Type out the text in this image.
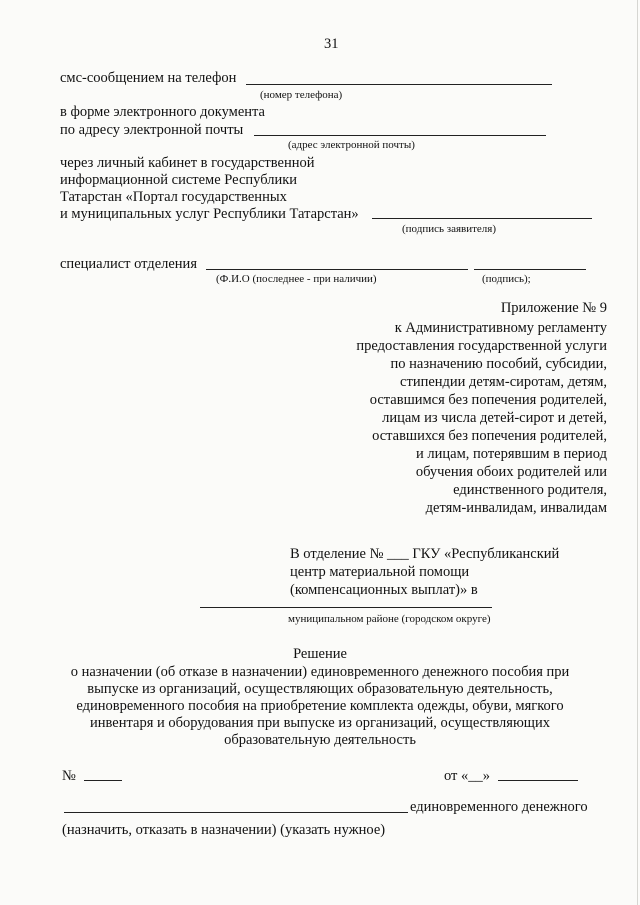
31
смс-сообщением на телефон
(номер телефона)
в форме электронного документа
по адресу электронной почты
(адрес электронной почты)
через личный кабинет в государственной
информационной системе Республики
Татарстан «Портал государственных
и муниципальных услуг Республики Татарстан»
(подпись заявителя)
специалист отделения
(Ф.И.О (последнее - при наличии)	(подпись);
Приложение № 9
к Административному регламенту
предоставления государственной услуги
по назначению пособий, субсидии,
стипендии детям-сиротам, детям,
оставшимся без попечения родителей,
лицам из числа детей-сирот и детей,
оставшихся без попечения родителей,
и лицам, потерявшим в период
обучения обоих родителей или
единственного родителя,
детям-инвалидам, инвалидам
В отделение № ___ ГКУ «Республиканский
центр материальной помощи
(компенсационных выплат)» в
муниципальном районе (городском округе)
Решение
о назначении (об отказе в назначении) единовременного денежного пособия при
выпуске из организаций, осуществляющих образовательную деятельность,
единовременного пособия на приобретение комплекта одежды, обуви, мягкого
инвентаря и оборудования при выпуске из организаций, осуществляющих
образовательную деятельность
№	от «__»
единовременного денежного
(назначить, отказать в назначении) (указать нужное)
